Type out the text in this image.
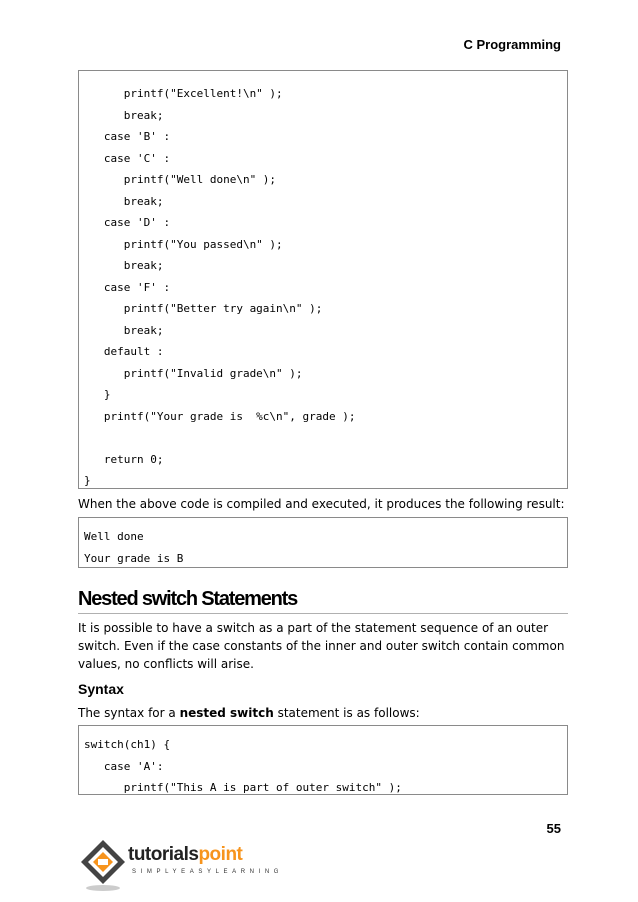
C Programming
printf("Excellent!\n" );
break;
case 'B' :
case 'C' :
printf("Well done\n" );
break;
case 'D' :
printf("You passed\n" );
break;
case 'F' :
printf("Better try again\n" );
break;
default :
printf("Invalid grade\n" );
}
printf("Your grade is  %c\n", grade );
return 0;
}

When the above code is compiled and executed, it produces the following result:

Well done
Your grade is B
Nested switch Statements

It is possible to have a switch as a part of the statement sequence of an outer switch. Even if the case constants of the inner and outer switch contain common values, no conflicts will arise.

Syntax

The syntax for a nested switch statement is as follows:

switch(ch1) {
case 'A':
printf("This A is part of outer switch" );
55
tutorialspoint
SIMPLYEASYLEARNING
